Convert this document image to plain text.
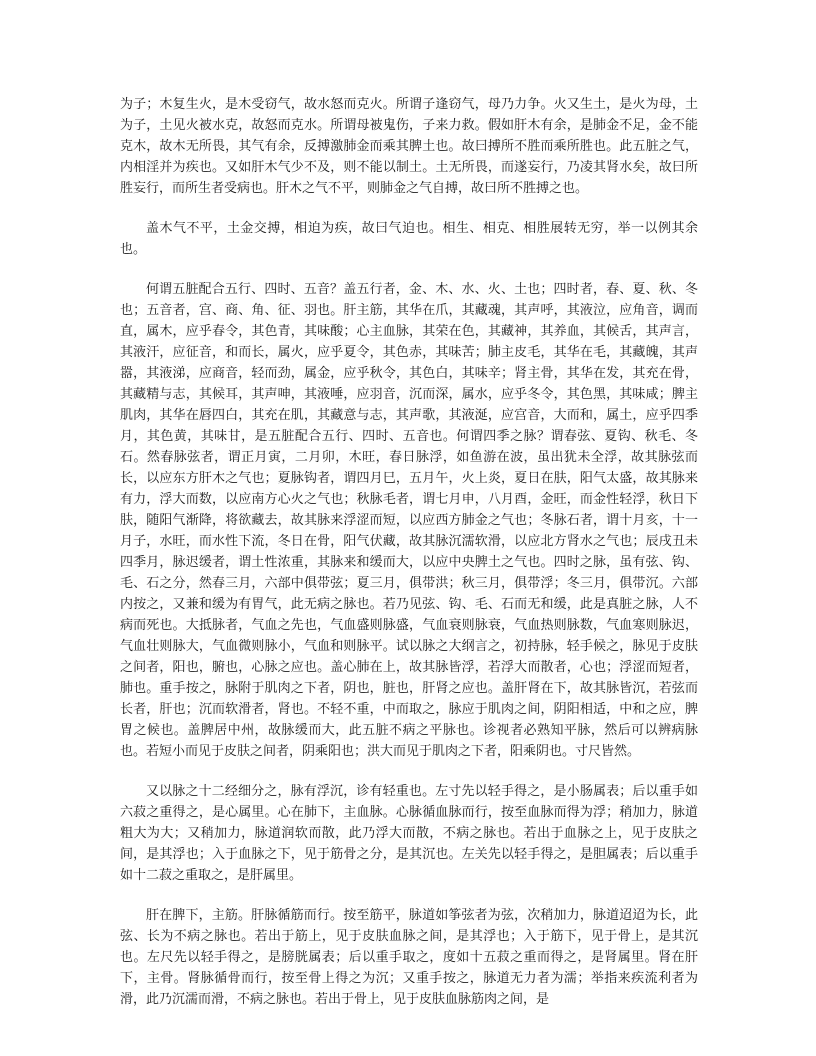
为子；木复生火，是木受窃气，故水怒而克火。所谓子逢窃气，母乃力争。火又生土，是火为母，土为子，土见火被水克，故怒而克水。所谓母被鬼伤，子来力救。假如肝木有余，是肺金不足，金不能克木，故木无所畏，其气有余，反搏激肺金而乘其脾土也。故曰搏所不胜而乘所胜也。此五脏之气，内相淫并为疾也。又如肝木气少不及，则不能以制土。土无所畏，而遂妄行，乃凌其肾水矣，故曰所胜妄行，而所生者受病也。肝木之气不平，则肺金之气自搏，故曰所不胜搏之也。

盖木气不平，土金交搏，相迫为疾，故曰气迫也。相生、相克、相胜展转无穷，举一以例其余也。

何谓五脏配合五行、四时、五音？盖五行者，金、木、水、火、土也；四时者，春、夏、秋、冬也；五音者，宫、商、角、征、羽也。肝主筋，其华在爪，其藏魂，其声呼，其液泣，应角音，调而直，属木，应乎春令，其色青，其味酸；心主血脉，其荣在色，其藏神，其养血，其候舌，其声言，其液汗，应征音，和而长，属火，应乎夏令，其色赤，其味苦；肺主皮毛，其华在毛，其藏魄，其声嚣，其液涕，应商音，轻而劲，属金，应乎秋令，其色白，其味辛；肾主骨，其华在发，其充在骨，其藏精与志，其候耳，其声呻，其液唾，应羽音，沉而深，属水，应乎冬令，其色黑，其味咸；脾主肌肉，其华在唇四白，其充在肌，其藏意与志，其声歌，其液涎，应宫音，大而和，属土，应乎四季月，其色黄，其味甘，是五脏配合五行、四时、五音也。何谓四季之脉？谓春弦、夏钩、秋毛、冬石。然春脉弦者，谓正月寅，二月卯，木旺，春日脉浮，如鱼游在波，虽出犹未全浮，故其脉弦而长，以应东方肝木之气也；夏脉钩者，谓四月巳，五月午，火上炎，夏日在肤，阳气太盛，故其脉来有力，浮大而数，以应南方心火之气也；秋脉毛者，谓七月申，八月酉，金旺，而金性轻浮，秋日下肤，随阳气渐降，将欲藏去，故其脉来浮涩而短，以应西方肺金之气也；冬脉石者，谓十月亥，十一月子，水旺，而水性下流，冬日在骨，阳气伏藏，故其脉沉濡软滑，以应北方肾水之气也；辰戌丑未四季月，脉迟缓者，谓土性浓重，其脉来和缓而大，以应中央脾土之气也。四时之脉，虽有弦、钩、毛、石之分，然春三月，六部中俱带弦；夏三月，俱带洪；秋三月，俱带浮；冬三月，俱带沉。六部内按之，又兼和缓为有胃气，此无病之脉也。若乃见弦、钩、毛、石而无和缓，此是真脏之脉，人不病而死也。大抵脉者，气血之先也，气血盛则脉盛，气血衰则脉衰，气血热则脉数，气血寒则脉迟，气血壮则脉大，气血微则脉小，气血和则脉平。试以脉之大纲言之，初持脉，轻手候之，脉见于皮肤之间者，阳也，腑也，心脉之应也。盖心肺在上，故其脉皆浮，若浮大而散者，心也；浮涩而短者，肺也。重手按之，脉附于肌肉之下者，阴也，脏也，肝肾之应也。盖肝肾在下，故其脉皆沉，若弦而长者，肝也；沉而软滑者，肾也。不轻不重，中而取之，脉应于肌肉之间，阴阳相适，中和之应，脾胃之候也。盖脾居中州，故脉缓而大，此五脏不病之平脉也。诊视者必熟知平脉，然后可以辨病脉也。若短小而见于皮肤之间者，阴乘阳也；洪大而见于肌肉之下者，阳乘阴也。寸尺皆然。

又以脉之十二经细分之，脉有浮沉，诊有轻重也。左寸先以轻手得之，是小肠属表；后以重手如六菽之重得之，是心属里。心在肺下，主血脉。心脉循血脉而行，按至血脉而得为浮；稍加力，脉道粗大为大；又稍加力，脉道润软而散，此乃浮大而散，不病之脉也。若出于血脉之上，见于皮肤之间，是其浮也；入于血脉之下，见于筋骨之分，是其沉也。左关先以轻手得之，是胆属表；后以重手如十二菽之重取之，是肝属里。

肝在脾下，主筋。肝脉循筋而行。按至筋平，脉道如筝弦者为弦，次稍加力，脉道迢迢为长，此弦、长为不病之脉也。若出于筋上，见于皮肤血脉之间，是其浮也；入于筋下，见于骨上，是其沉也。左尺先以轻手得之，是膀胱属表；后以重手取之，度如十五菽之重而得之，是肾属里。肾在肝下，主骨。肾脉循骨而行，按至骨上得之为沉；又重手按之，脉道无力者为濡；举指来疾流利者为滑，此乃沉濡而滑，不病之脉也。若出于骨上，见于皮肤血脉筋肉之间，是
